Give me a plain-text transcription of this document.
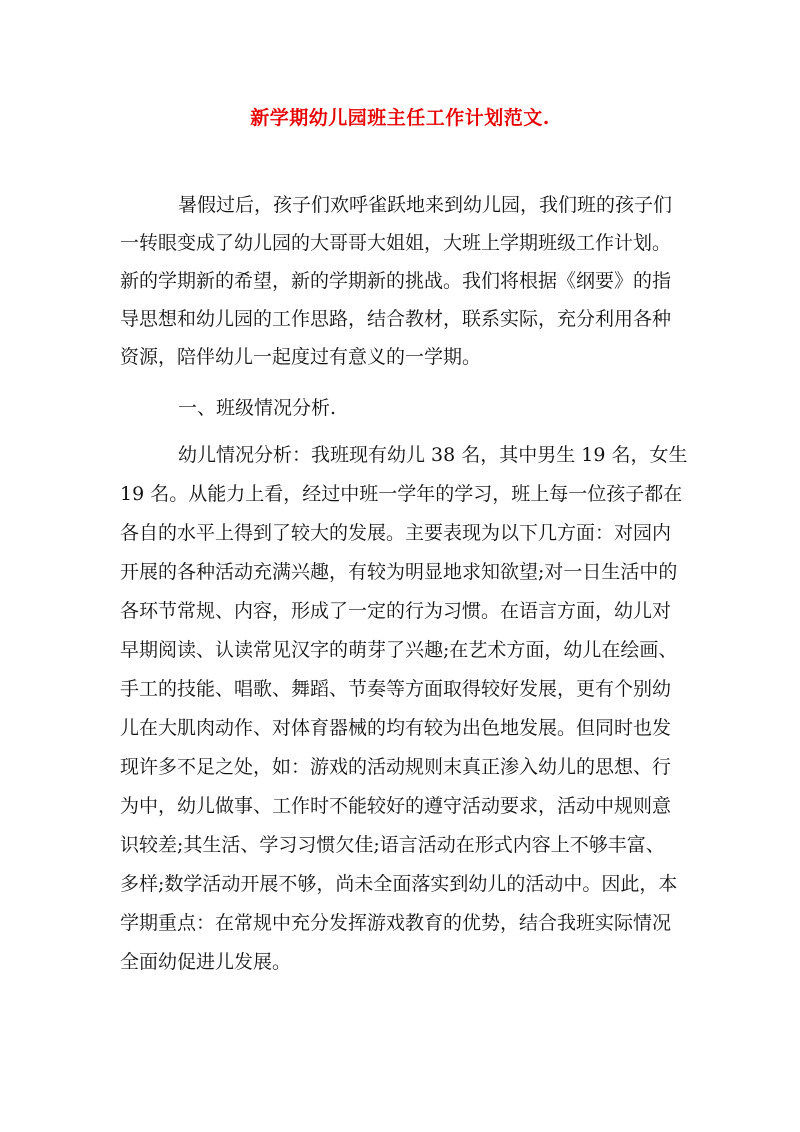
新学期幼儿园班主任工作计划范文.
暑假过后，孩子们欢呼雀跃地来到幼儿园，我们班的孩子们
一转眼变成了幼儿园的大哥哥大姐姐，大班上学期班级工作计划。
新的学期新的希望，新的学期新的挑战。我们将根据《纲要》的指
导思想和幼儿园的工作思路，结合教材，联系实际，充分利用各种
资源，陪伴幼儿一起度过有意义的一学期。
一、班级情况分析.
幼儿情况分析：我班现有幼儿 38 名，其中男生 19 名，女生
19 名。从能力上看，经过中班一学年的学习，班上每一位孩子都在
各自的水平上得到了较大的发展。主要表现为以下几方面：对园内
开展的各种活动充满兴趣，有较为明显地求知欲望;对一日生活中的
各环节常规、内容，形成了一定的行为习惯。在语言方面，幼儿对
早期阅读、认读常见汉字的萌芽了兴趣;在艺术方面，幼儿在绘画、
手工的技能、唱歌、舞蹈、节奏等方面取得较好发展，更有个别幼
儿在大肌肉动作、对体育器械的均有较为出色地发展。但同时也发
现许多不足之处，如：游戏的活动规则末真正渗入幼儿的思想、行
为中，幼儿做事、工作时不能较好的遵守活动要求，活动中规则意
识较差;其生活、学习习惯欠佳;语言活动在形式内容上不够丰富、
多样;数学活动开展不够，尚未全面落实到幼儿的活动中。因此，本
学期重点：在常规中充分发挥游戏教育的优势，结合我班实际情况
全面幼促进儿发展。
